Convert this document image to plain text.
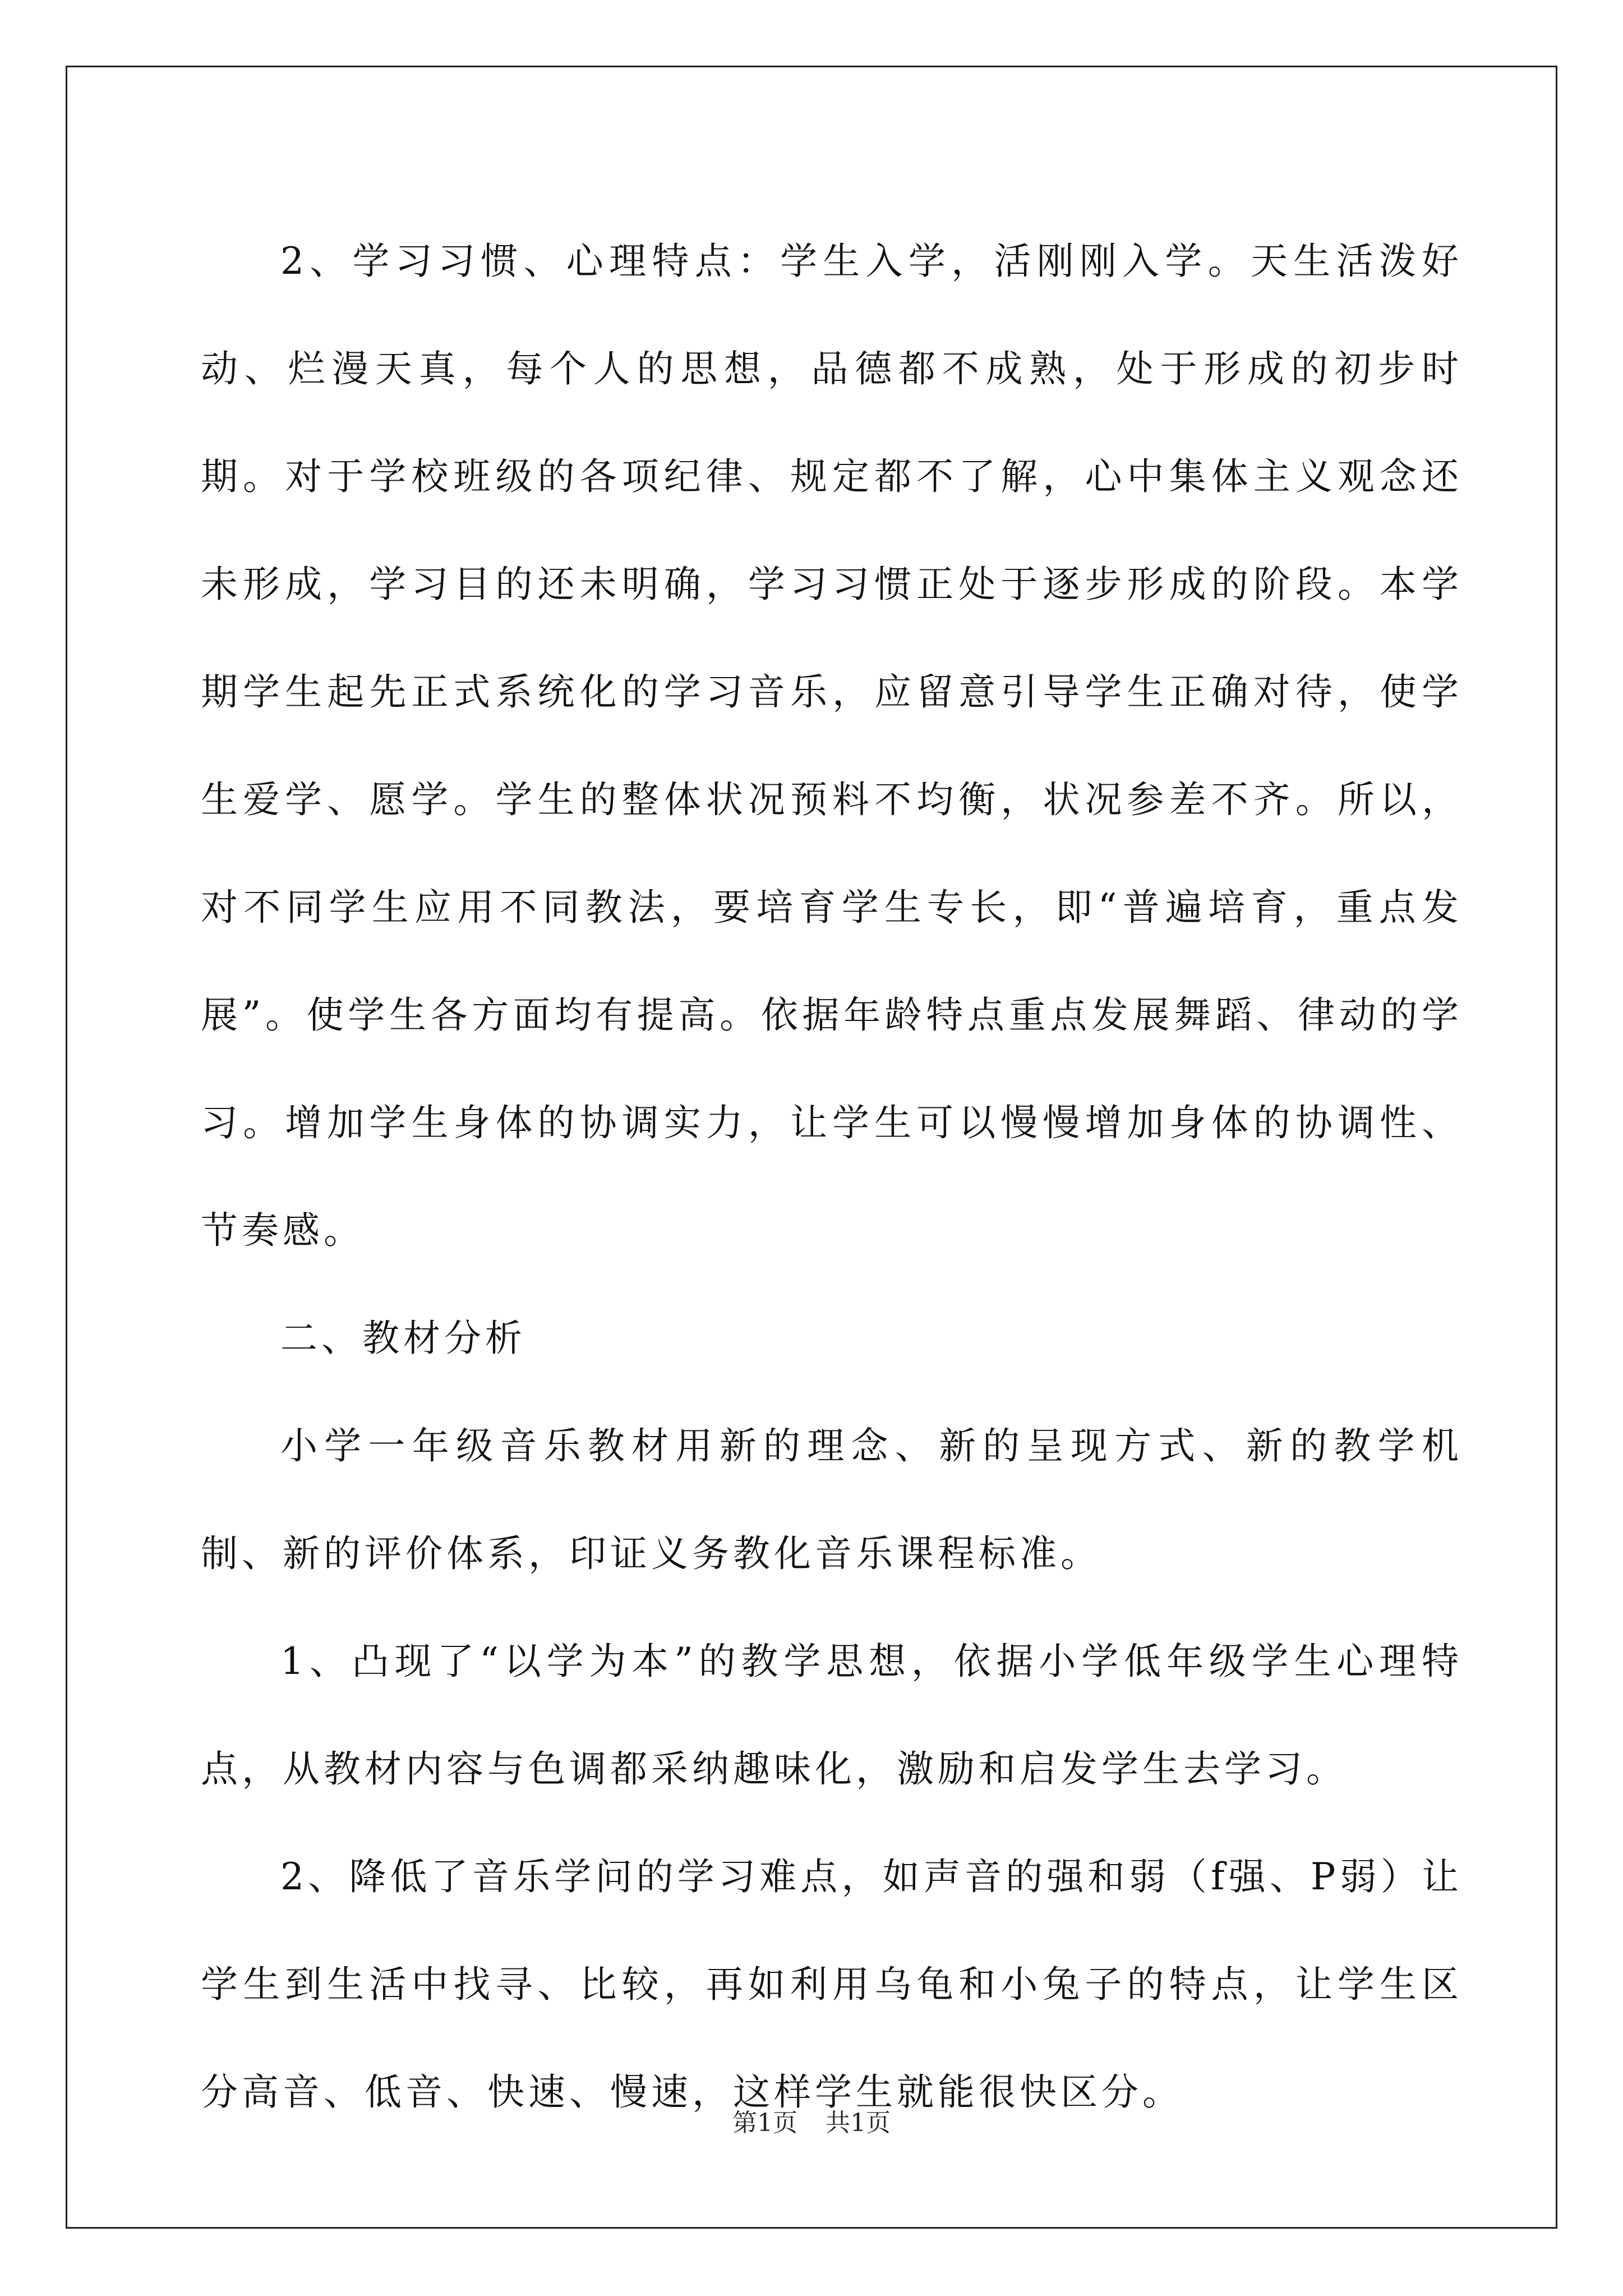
2、学习习惯、心理特点：学生入学，活刚刚入学。天生活泼好动、烂漫天真，每个人的思想，品德都不成熟，处于形成的初步时期。对于学校班级的各项纪律、规定都不了解，心中集体主义观念还未形成，学习目的还未明确，学习习惯正处于逐步形成的阶段。本学期学生起先正式系统化的学习音乐，应留意引导学生正确对待，使学生爱学、愿学。学生的整体状况预料不均衡，状况参差不齐。所以，对不同学生应用不同教法，要培育学生专长，即“普遍培育，重点发展”。使学生各方面均有提高。依据年龄特点重点发展舞蹈、律动的学习。增加学生身体的协调实力，让学生可以慢慢增加身体的协调性、节奏感。

二、教材分析

小学一年级音乐教材用新的理念、新的呈现方式、新的教学机制、新的评价体系，印证义务教化音乐课程标准。

1、凸现了“以学为本”的教学思想，依据小学低年级学生心理特点，从教材内容与色调都采纳趣味化，激励和启发学生去学习。

2、降低了音乐学问的学习难点，如声音的强和弱（f强、P弱）让学生到生活中找寻、比较，再如利用乌龟和小兔子的特点，让学生区分高音、低音、快速、慢速，这样学生就能很快区分。

第1页 共1页
